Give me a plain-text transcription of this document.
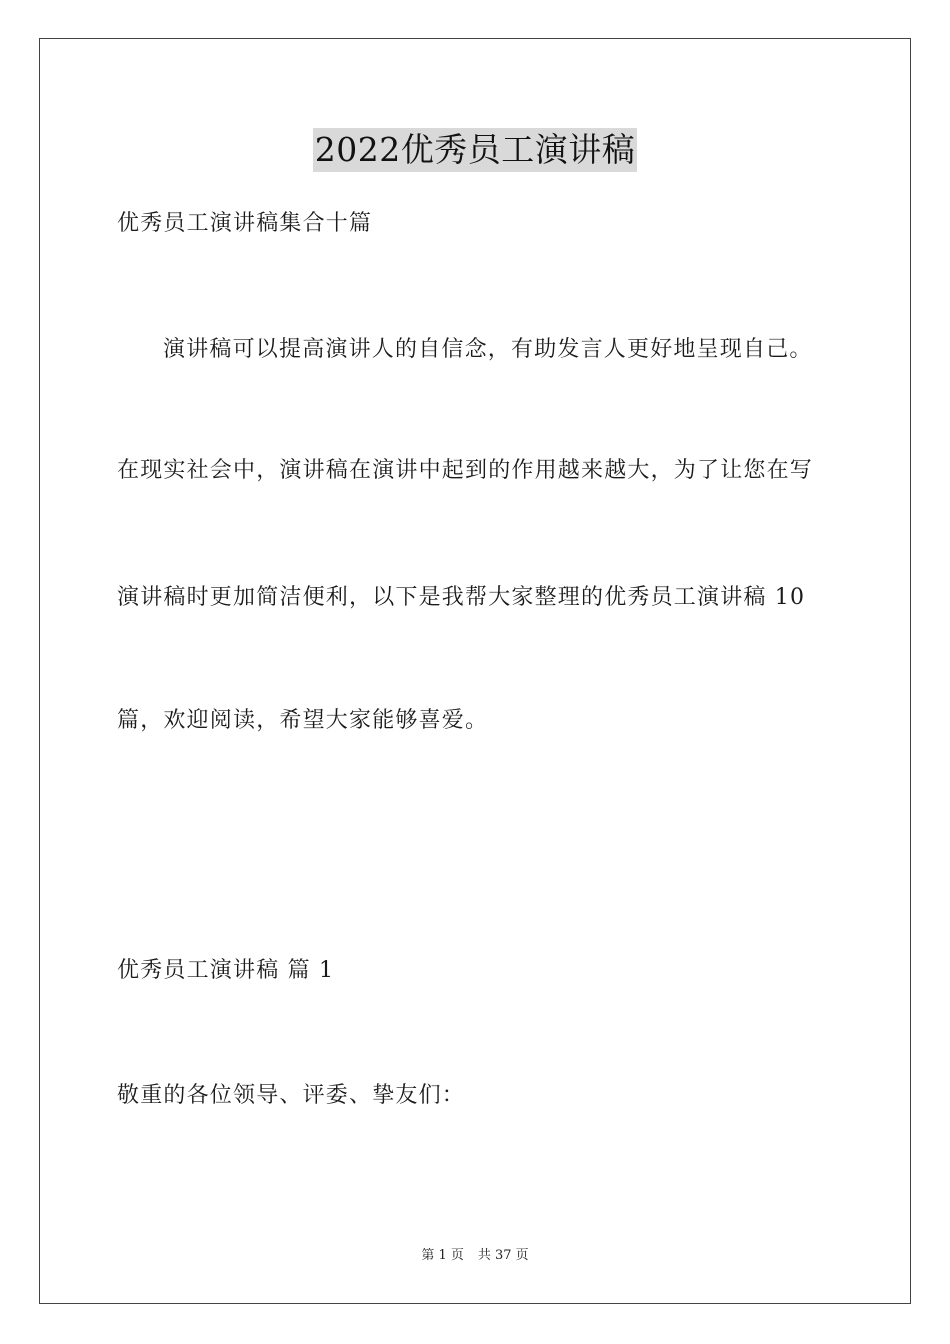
2022优秀员工演讲稿
优秀员工演讲稿集合十篇
演讲稿可以提高演讲人的自信念，有助发言人更好地呈现自己。
在现实社会中，演讲稿在演讲中起到的作用越来越大，为了让您在写
演讲稿时更加简洁便利，以下是我帮大家整理的优秀员工演讲稿 10
篇，欢迎阅读，希望大家能够喜爱。
优秀员工演讲稿 篇 1
敬重的各位领导、评委、挚友们：
第 1 页 共 37 页
